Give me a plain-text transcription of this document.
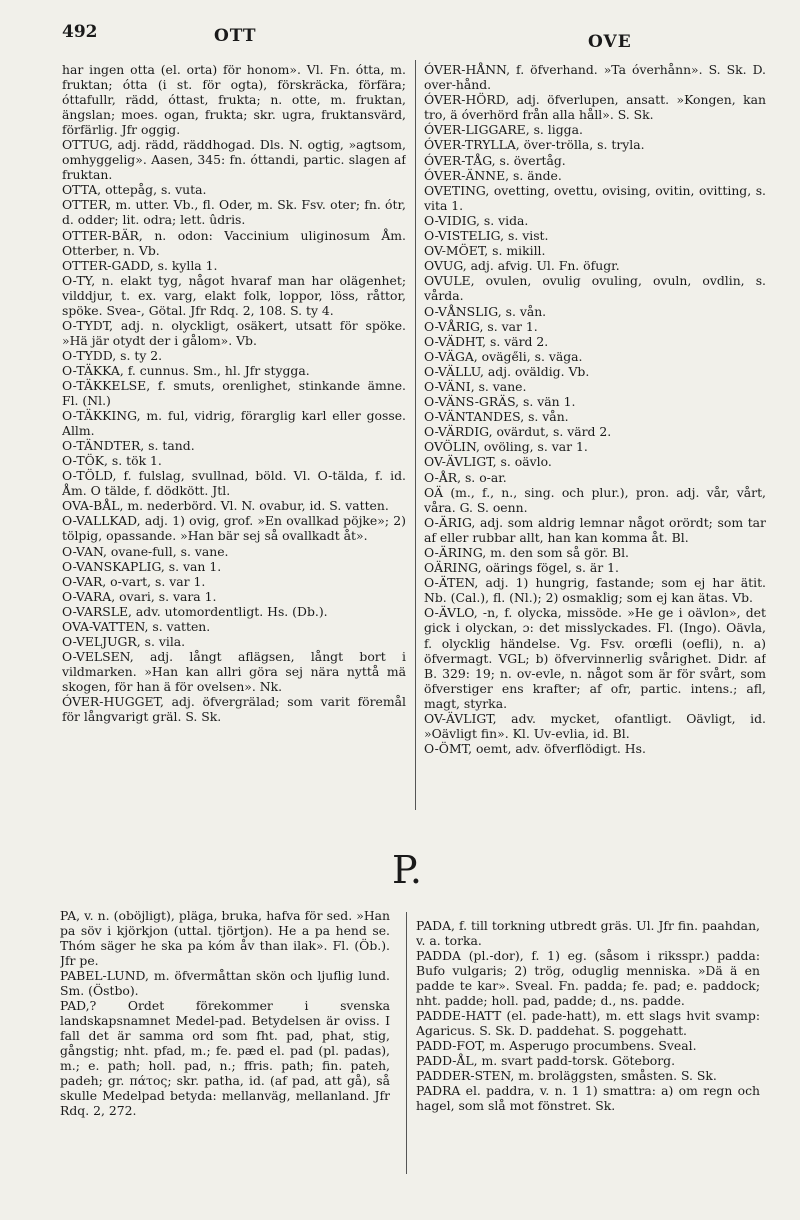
492	OTT	OVE

har ingen otta (el. orta) för honom». Vl. Fn. ótta, m. fruktan; ótta (i st. för ogta), förskräcka, förfära; óttafullr, rädd, óttast, frukta; n. otte, m. fruktan, ängslan; moes. ogan, frukta; skr. ugra, fruktansvärd, förfärlig. Jfr oggig.

OTTUG, adj. rädd, räddhogad. Dls. N. ogtig, »agtsom, omhyggelig». Aasen, 345: fn. óttandi, partic. slagen af fruktan.

OTTA, ottepåg, s. vuta.

OTTER, m. utter. Vb., fl. Oder, m. Sk. Fsv. oter; fn. ótr, d. odder; lit. odra; lett. ûdris.

OTTER-BÄR, n. odon: Vaccinium uliginosum Åm. Otterber, n. Vb.

OTTER-GADD, s. kylla 1.

O-TY, n. elakt tyg, något hvaraf man har olägenhet; vilddjur, t. ex. varg, elakt folk, loppor, löss, råttor, spöke. Svea-, Götal. Jfr Rdq. 2, 108. S. ty 4.

O-TYDT, adj. n. olyckligt, osäkert, utsatt för spöke. »Hä jär otydt der i gålom». Vb.

O-TYDD, s. ty 2.

O-TÄKKA, f. cunnus. Sm., hl. Jfr stygga.

O-TÄKKELSE, f. smuts, orenlighet, stinkande ämne. Fl. (Nl.)

O-TÄKKING, m. ful, vidrig, förarglig karl eller gosse. Allm.

O-TÄNDTER, s. tand.

O-TÖK, s. tök 1.

O-TÖLD, f. fulslag, svullnad, böld. Vl. O-tälda, f. id. Åm. O tälde, f. dödkött. Jtl.

OVA-BÅL, m. nederbörd. Vl. N. ovabur, id. S. vatten.

O-VALLKAD, adj. 1) ovig, grof. »En ovallkad pöjke»; 2) tölpig, opassande. »Han bär sej så ovallkadt åt».

O-VAN, ovane-full, s. vane.

O-VANSKAPLIG, s. van 1.

O-VAR, o-vart, s. var 1.

O-VARA, ovari, s. vara 1.

O-VARSLE, adv. utomordentligt. Hs. (Db.).

OVA-VATTEN, s. vatten.

O-VELJUGR, s. vila.

O-VELSEN, adj. långt aflägsen, långt bort i vildmarken. »Han kan allri göra sej nära nyttå mä skogen, för han ä för ovelsen». Nk.

ÓVER-HUGGET, adj. öfvergrälad; som varit föremål för långvarigt gräl. S. Sk.

ÓVER-HÅNN, f. öfverhand. »Ta óverhånn». S. Sk. D. over-hånd.

ÓVER-HÖRD, adj. öfverlupen, ansatt. »Kongen, kan tro, ä óverhörd från alla håll». S. Sk.

ÓVER-LIGGARE, s. ligga.

ÓVER-TRYLLA, över-trölla, s. tryla.

ÓVER-TÅG, s. övertåg.

ÓVER-ÄNNE, s. ände.

OVETING, ovetting, ovettu, ovising, ovitin, ovitting, s. vita 1.

O-VIDIG, s. vida.

O-VISTELIG, s. vist.

OV-MÖET, s. mikill.

OVUG, adj. afvig. Ul. Fn. öfugr.

OVULE, ovulen, ovulig ovuling, ovuln, ovdlin, s. vårda.

O-VÅNSLIG, s. vån.

O-VÅRIG, s. var 1.

O-VÄDHT, s. värd 2.

O-VÄGA, oväge̋li, s. väga.

O-VÄLLU, adj. oväldig. Vb.

O-VÄNI, s. vane.

O-VÄNS-GRÄS, s. vän 1.

O-VÄNTANDES, s. vån.

O-VÄRDIG, ovärdut, s. värd 2.

OVÖLIN, ovöling, s. var 1.

OV-ÄVLIGT, s. oävlo.

O-ÅR, s. o-ar.

OÄ (m., f., n., sing. och plur.), pron. adj. vår, vårt, våra. G. S. oenn.

O-ÄRIG, adj. som aldrig lemnar något orördt; som tar af eller rubbar allt, han kan komma åt. Bl.

O-ÄRING, m. den som så gör. Bl.

OÄRING, oärings fögel, s. är 1.

O-ÄTEN, adj. 1) hungrig, fastande; som ej har ätit. Nb. (Cal.), fl. (Nl.); 2) osmaklig; som ej kan ätas. Vb.

O-ÄVLO, -n, f. olycka, missöde. »He ge i oävlon», det gick i olyckan, ɔ: det misslyckades. Fl. (Ingo). Oävla, f. olycklig händelse. Vg. Fsv. orœfli (oefli), n. a) öfvermagt. VGL; b) öfvervinnerlig svårighet. Didr. af B. 329: 19; n. ov-evle, n. något som är för svårt, som öfverstiger ens krafter; af ofr, partic. intens.; afl, magt, styrka.

OV-ÄVLIGT, adv. mycket, ofantligt. Oävligt, id. »Oävligt fin». Kl. Uv-evlia, id. Bl.

O-ÖMT, oemt, adv. öfverflödigt. Hs.

P.

PA, v. n. (oböjligt), pläga, bruka, hafva för sed. »Han pa söv i kjörkjon (uttal. tjörtjon). He a pa hend se. Thóm säger he ska pa kóm åv than ilak». Fl. (Öb.). Jfr pe.

PABEL-LUND, m. öfvermåttan skön och ljuflig lund. Sm. (Östbo).

PAD,? Ordet förekommer i svenska landskapsnamnet Medel-pad. Betydelsen är oviss. I fall det är samma ord som fht. pad, phat, stig, gångstig; nht. pfad, m.; fe. pæd el. pad (pl. padas), m.; e. path; holl. pad, n.; ffris. path; fin. pateh, padeh; gr. πάτος; skr. patha, id. (af pad, att gå), så skulle Medelpad betyda: mellanväg, mellanland. Jfr Rdq. 2, 272.

PADA, f. till torkning utbredt gräs. Ul. Jfr fin. paahdan, v. a. torka.

PADDA (pl.-dor), f. 1) eg. (såsom i riksspr.) padda: Bufo vulgaris; 2) trög, oduglig menniska. »Dä ä en padde te kar». Sveal. Fn. padda; fe. pad; e. paddock; nht. padde; holl. pad, padde; d., ns. padde.

PADDE-HATT (el. pade-hatt), m. ett slags hvit svamp: Agaricus. S. Sk. D. paddehat. S. poggehatt.

PADD-FOT, m. Asperugo procumbens. Sveal.

PADD-ÅL, m. svart padd-torsk. Göteborg.

PADDER-STEN, m. broläggsten, småsten. S. Sk.

PADRA el. paddra, v. n. 1 1) smattra: a) om regn och hagel, som slå mot fönstret. Sk.
